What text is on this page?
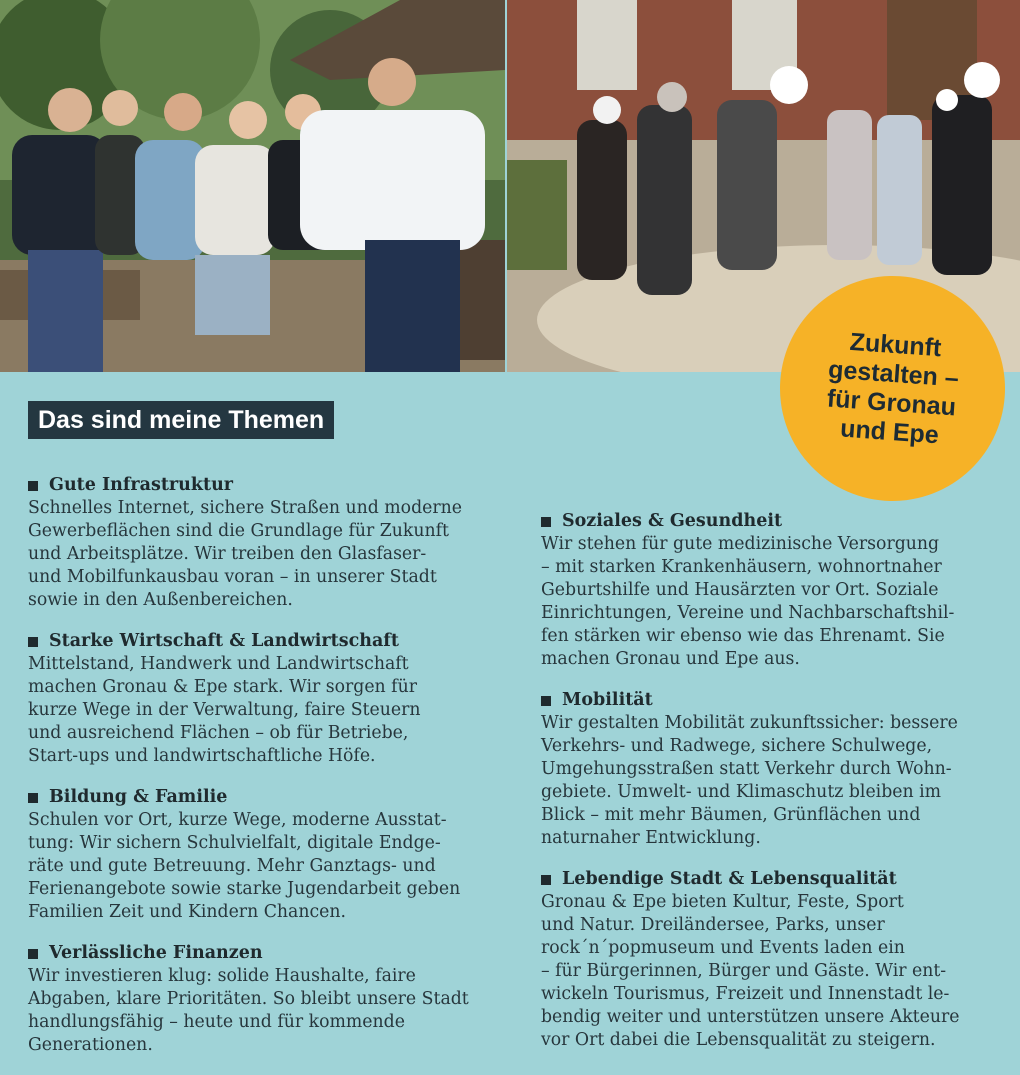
Zukunft
gestalten –
für Gronau
und Epe
Das sind meine Themen
Gute Infrastruktur
Schnelles Internet, sichere Straßen und moderne
Gewerbeflächen sind die Grundlage für Zukunft
und Arbeitsplätze. Wir treiben den Glasfaser-
und Mobilfunkausbau voran – in unserer Stadt
sowie in den Außenbereichen.
Starke Wirtschaft & Landwirtschaft
Mittelstand, Handwerk und Landwirtschaft
machen Gronau & Epe stark. Wir sorgen für
kurze Wege in der Verwaltung, faire Steuern
und ausreichend Flächen – ob für Betriebe,
Start-ups und landwirtschaftliche Höfe.
Bildung & Familie
Schulen vor Ort, kurze Wege, moderne Ausstat-
tung: Wir sichern Schulvielfalt, digitale Endge-
räte und gute Betreuung. Mehr Ganztags- und
Ferienangebote sowie starke Jugendarbeit geben
Familien Zeit und Kindern Chancen.
Verlässliche Finanzen
Wir investieren klug: solide Haushalte, faire
Abgaben, klare Prioritäten. So bleibt unsere Stadt
handlungsfähig – heute und für kommende
Generationen.
Soziales & Gesundheit
Wir stehen für gute medizinische Versorgung
– mit starken Krankenhäusern, wohnortnaher
Geburtshilfe und Hausärzten vor Ort. Soziale
Einrichtungen, Vereine und Nachbarschaftshil-
fen stärken wir ebenso wie das Ehrenamt. Sie
machen Gronau und Epe aus.
Mobilität
Wir gestalten Mobilität zukunftssicher: bessere
Verkehrs- und Radwege, sichere Schulwege,
Umgehungsstraßen statt Verkehr durch Wohn-
gebiete. Umwelt- und Klimaschutz bleiben im
Blick – mit mehr Bäumen, Grünflächen und
naturnaher Entwicklung.
Lebendige Stadt & Lebensqualität
Gronau & Epe bieten Kultur, Feste, Sport
und Natur. Dreiländersee, Parks, unser
rock´n´popmuseum und Events laden ein
– für Bürgerinnen, Bürger und Gäste. Wir ent-
wickeln Tourismus, Freizeit und Innenstadt le-
bendig weiter und unterstützen unsere Akteure
vor Ort dabei die Lebensqualität zu steigern.
